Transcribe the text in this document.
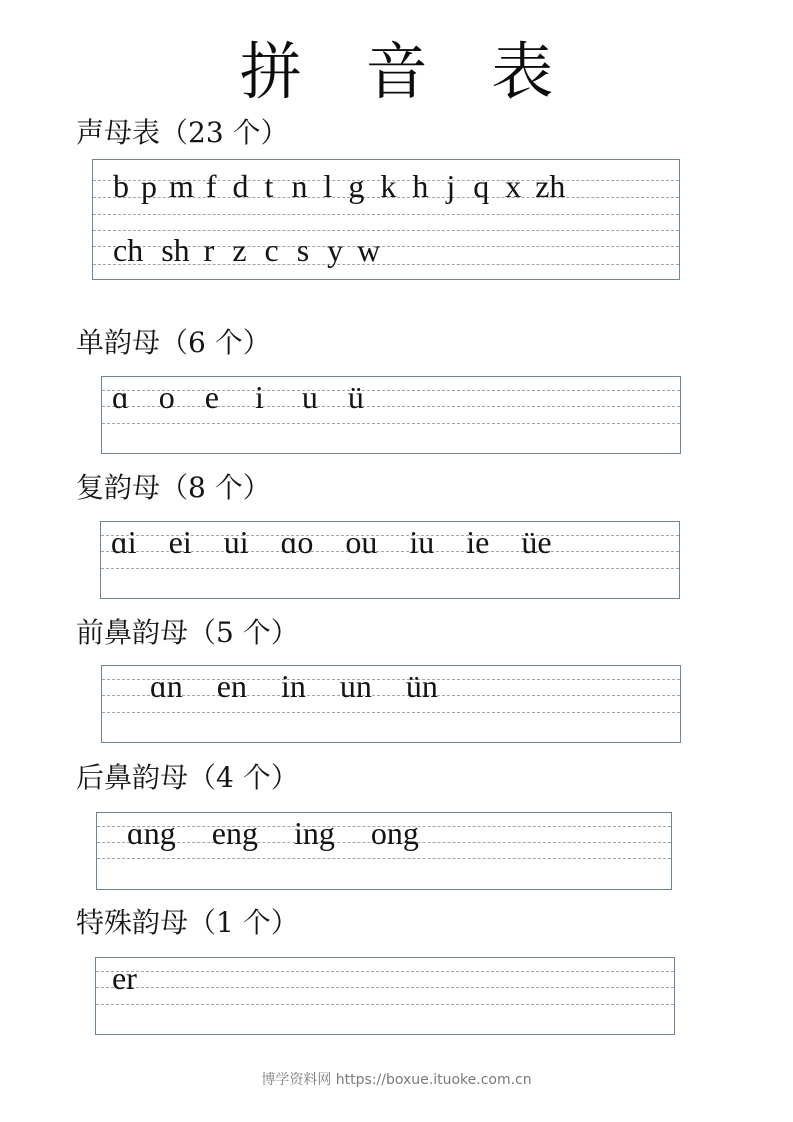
拼 音 表
声母表（23 个）
b p m f d t n l g k h j q x zh
ch sh r z c s y w
单韵母（6 个）
ɑ o e i u ü
复韵母（8 个）
ɑi ei ui ɑo ou iu ie üe
前鼻韵母（5 个）
ɑn en in un ün
后鼻韵母（4 个）
ɑng eng ing ong
特殊韵母（1 个）
er
博学资料网 https://boxue.ituoke.com.cn
